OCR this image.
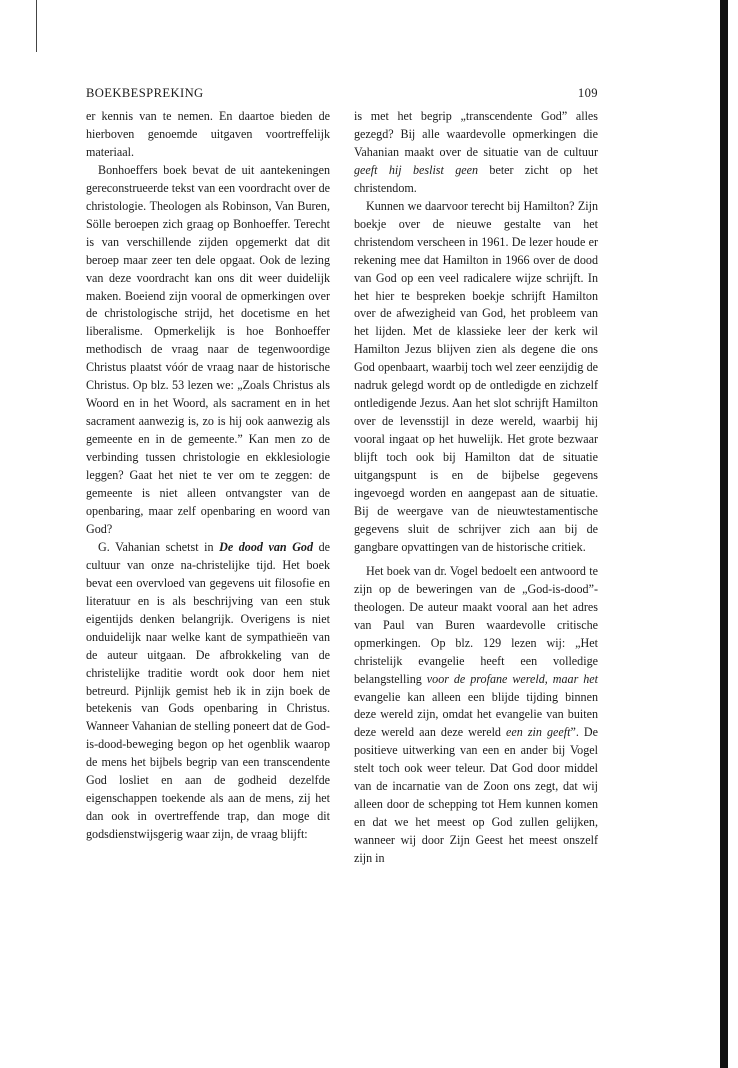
BOEKBESPREKING	109

er kennis van te nemen. En daartoe bieden de hierboven genoemde uitgaven voortreffelijk materiaal.

Bonhoeffers boek bevat de uit aantekeningen gereconstrueerde tekst van een voordracht over de christologie. Theologen als Robinson, Van Buren, Sölle beroepen zich graag op Bonhoeffer. Terecht is van verschillende zijden opgemerkt dat dit beroep maar zeer ten dele opgaat. Ook de lezing van deze voordracht kan ons dit weer duidelijk maken. Boeiend zijn vooral de opmerkingen over de christologische strijd, het docetisme en het liberalisme. Opmerkelijk is hoe Bonhoeffer methodisch de vraag naar de tegenwoordige Christus plaatst vóór de vraag naar de historische Christus. Op blz. 53 lezen we: „Zoals Christus als Woord en in het Woord, als sacrament en in het sacrament aanwezig is, zo is hij ook aanwezig als gemeente en in de gemeente.” Kan men zo de verbinding tussen christologie en ekklesiologie leggen? Gaat het niet te ver om te zeggen: de gemeente is niet alleen ontvangster van de openbaring, maar zelf openbaring en woord van God?

G. Vahanian schetst in De dood van God de cultuur van onze na-christelijke tijd. Het boek bevat een overvloed van gegevens uit filosofie en literatuur en is als beschrijving van een stuk eigentijds denken belangrijk. Overigens is niet onduidelijk naar welke kant de sympathieën van de auteur uitgaan. De afbrokkeling van de christelijke traditie wordt ook door hem niet betreurd. Pijnlijk gemist heb ik in zijn boek de betekenis van Gods openbaring in Christus. Wanneer Vahanian de stelling poneert dat de God-is-dood-beweging begon op het ogenblik waarop de mens het bijbels begrip van een transcendente God losliet en aan de godheid dezelfde eigenschappen toekende als aan de mens, zij het dan ook in overtreffende trap, dan moge dit godsdienstwijsgerig waar zijn, de vraag blijft:

is met het begrip „transcendente God” alles gezegd? Bij alle waardevolle opmerkingen die Vahanian maakt over de situatie van de cultuur geeft hij beslist geen beter zicht op het christendom.

Kunnen we daarvoor terecht bij Hamilton? Zijn boekje over de nieuwe gestalte van het christendom verscheen in 1961. De lezer houde er rekening mee dat Hamilton in 1966 over de dood van God op een veel radicalere wijze schrijft. In het hier te bespreken boekje schrijft Hamilton over de afwezigheid van God, het probleem van het lijden. Met de klassieke leer der kerk wil Hamilton Jezus blijven zien als degene die ons God openbaart, waarbij toch wel zeer eenzijdig de nadruk gelegd wordt op de ontledigde en zichzelf ontledigende Jezus. Aan het slot schrijft Hamilton over de levensstijl in deze wereld, waarbij hij vooral ingaat op het huwelijk. Het grote bezwaar blijft toch ook bij Hamilton dat de situatie uitgangspunt is en de bijbelse gegevens ingevoegd worden en aangepast aan de situatie. Bij de weergave van de nieuwtestamentische gegevens sluit de schrijver zich aan bij de gangbare opvattingen van de historische critiek.

Het boek van dr. Vogel bedoelt een antwoord te zijn op de beweringen van de „God-is-dood”-theologen. De auteur maakt vooral aan het adres van Paul van Buren waardevolle critische opmerkingen. Op blz. 129 lezen wij: „Het christelijk evangelie heeft een volledige belangstelling voor de profane wereld, maar het evangelie kan alleen een blijde tijding binnen deze wereld zijn, omdat het evangelie van buiten deze wereld aan deze wereld een zin geeft”. De positieve uitwerking van een en ander bij Vogel stelt toch ook weer teleur. Dat God door middel van de incarnatie van de Zoon ons zegt, dat wij alleen door de schepping tot Hem kunnen komen en dat we het meest op God zullen gelijken, wanneer wij door Zijn Geest het meest onszelf zijn in
